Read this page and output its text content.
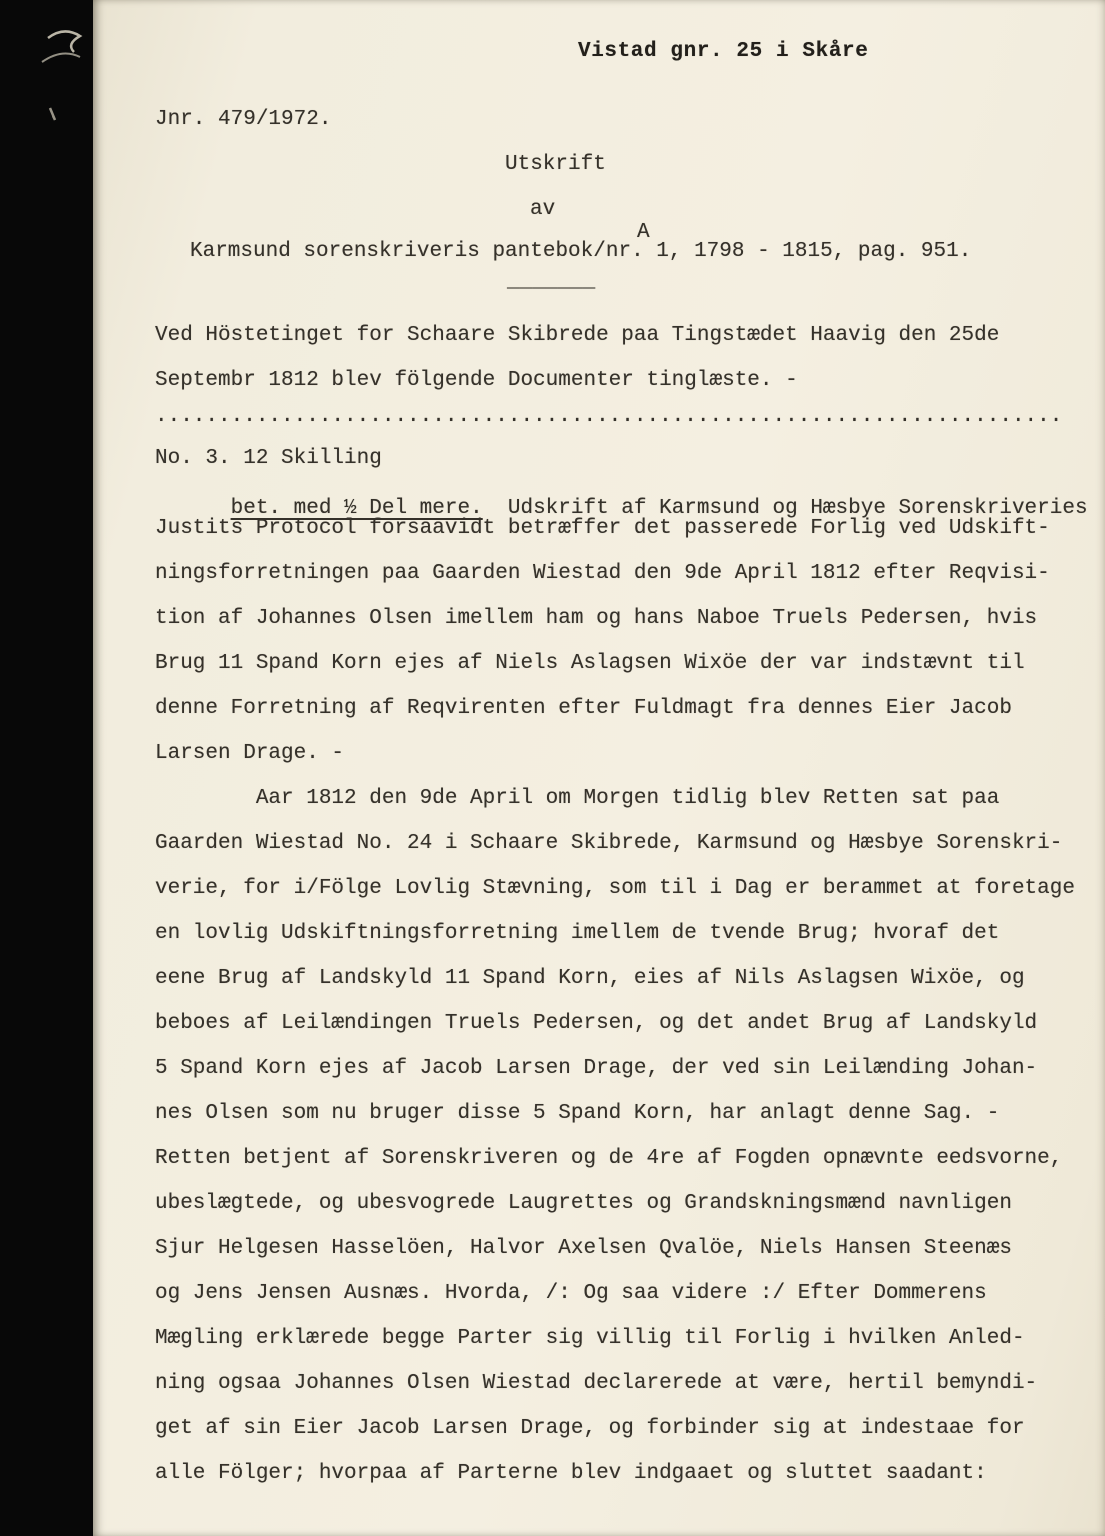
Vistad gnr. 25 i Skåre
Jnr. 479/1972.
Utskrift
av
A
Karmsund sorenskriveris pantebok/nr. 1, 1798 - 1815, pag. 951.
_______
Ved Höstetinget for Schaare Skibrede paa Tingstædet Haavig den 25de
Septembr 1812 blev fölgende Documenter tinglæste. -
........................................................................
No. 3. 12 Skilling

bet. med ½ Del mere.  Udskrift af Karmsund og Hæsbye Sorenskriveries

Justits Protocol forsaavidt betræffer det passerede Forlig ved Udskift-
ningsforretningen paa Gaarden Wiestad den 9de April 1812 efter Reqvisi-
tion af Johannes Olsen imellem ham og hans Naboe Truels Pedersen, hvis
Brug 11 Spand Korn ejes af Niels Aslagsen Wixöe der var indstævnt til
denne Forretning af Reqvirenten efter Fuldmagt fra dennes Eier Jacob
Larsen Drage. -
Aar 1812 den 9de April om Morgen tidlig blev Retten sat paa
Gaarden Wiestad No. 24 i Schaare Skibrede, Karmsund og Hæsbye Sorenskri-
verie, for i/Fölge Lovlig Stævning, som til i Dag er berammet at foretage
en lovlig Udskiftningsforretning imellem de tvende Brug; hvoraf det
eene Brug af Landskyld 11 Spand Korn, eies af Nils Aslagsen Wixöe, og
beboes af Leilændingen Truels Pedersen, og det andet Brug af Landskyld
5 Spand Korn ejes af Jacob Larsen Drage, der ved sin Leilænding Johan-
nes Olsen som nu bruger disse 5 Spand Korn, har anlagt denne Sag. -
Retten betjent af Sorenskriveren og de 4re af Fogden opnævnte eedsvorne,
ubeslægtede, og ubesvogrede Laugrettes og Grandskningsmænd navnligen
Sjur Helgesen Hasselöen, Halvor Axelsen Qvalöe, Niels Hansen Steenæs
og Jens Jensen Ausnæs. Hvorda, /: Og saa videre :/ Efter Dommerens
Mægling erklærede begge Parter sig villig til Forlig i hvilken Anled-
ning ogsaa Johannes Olsen Wiestad declarerede at være, hertil bemyndi-
get af sin Eier Jacob Larsen Drage, og forbinder sig at indestaae for
alle Fölger; hvorpaa af Parterne blev indgaaet og sluttet saadant:
